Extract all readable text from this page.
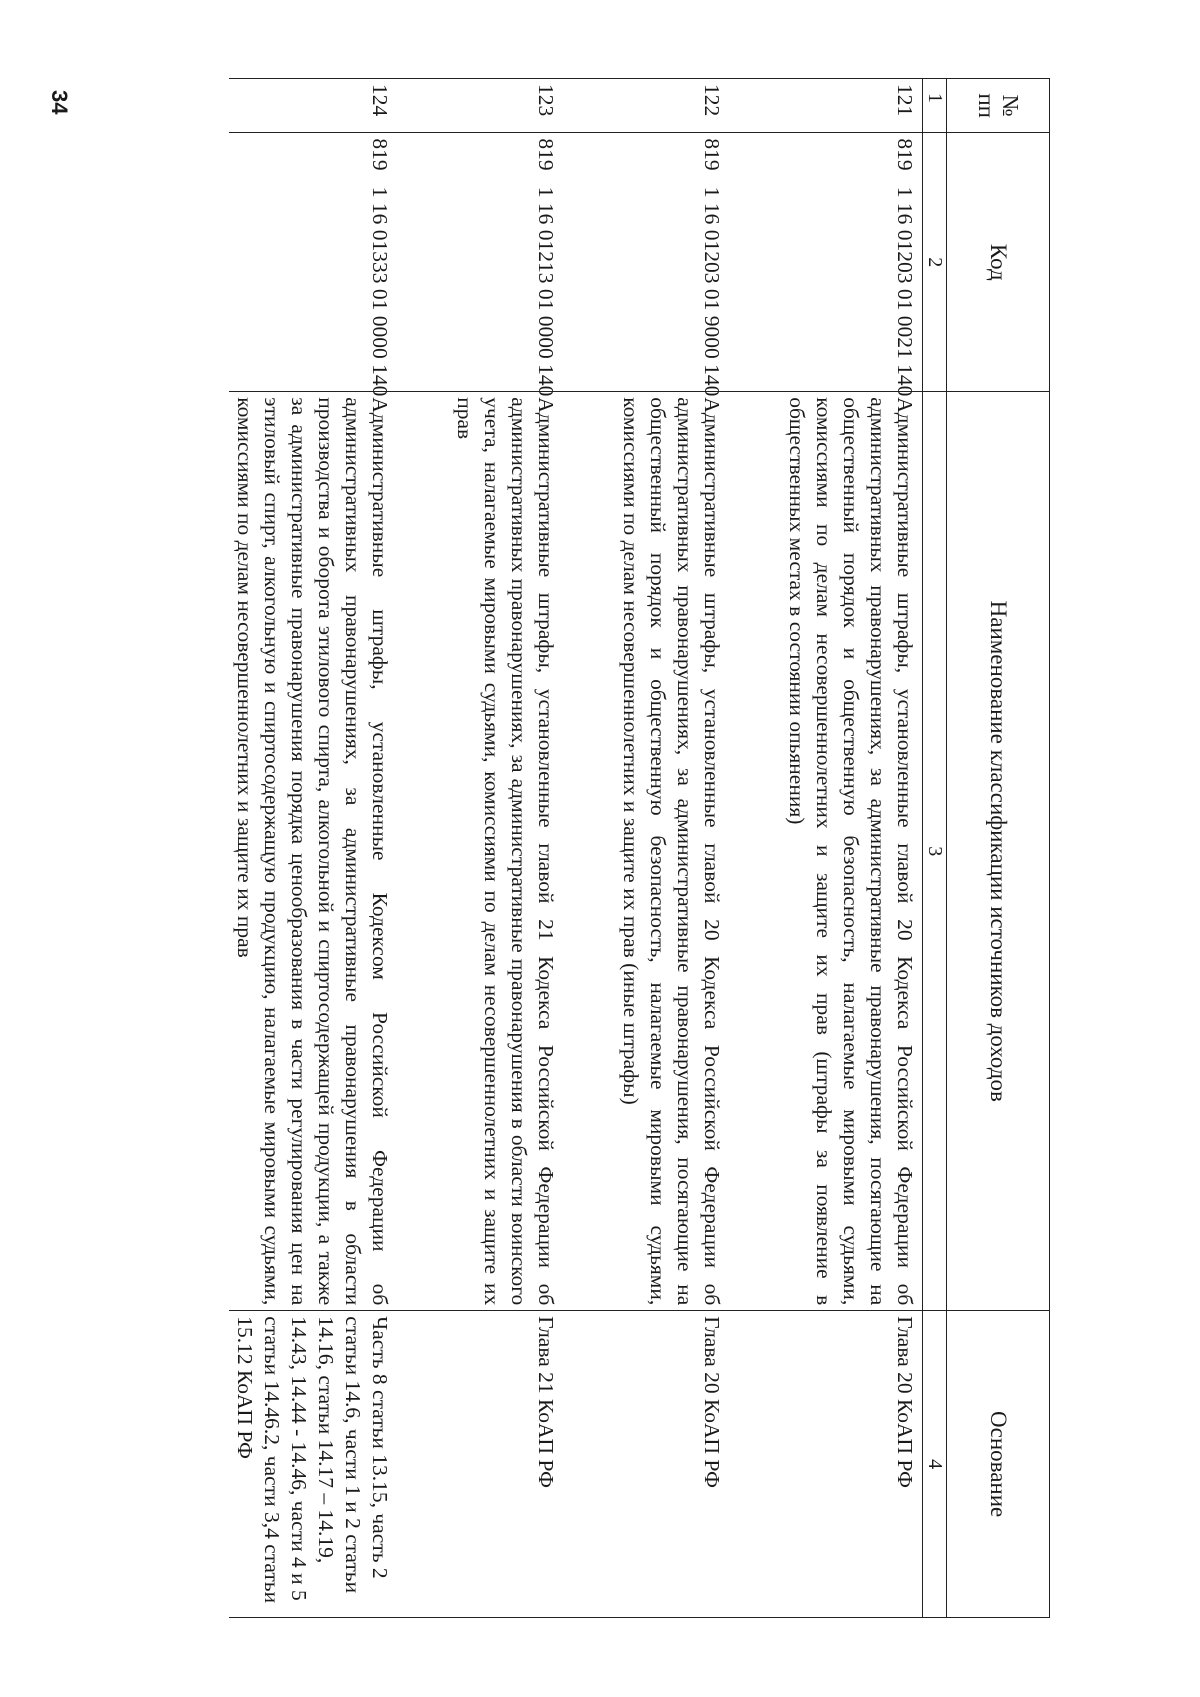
34	№
пп	Код	Наименование классификации источников доходов	Основание
1	2	3	4
121	819   1 16 01203 01 0021 140	Административные штрафы, установленные главой 20 Кодекса Российской Федерации об административных правонарушениях, за административные правонарушения, посягающие на общественный порядок и общественную безопасность, налагаемые мировыми судьями, комиссиями по делам несовершеннолетних и защите их прав (штрафы за появление в общественных местах в состоянии опьянения)	Глава 20 КоАП РФ

122	819   1 16 01203 01 9000 140	Административные штрафы, установленные главой 20 Кодекса Российской Федерации об административных правонарушениях, за административные правонарушения, посягающие на общественный порядок и общественную безопасность, налагаемые мировыми судьями, комиссиями по делам несовершеннолетних и защите их прав (иные штрафы)	Глава 20 КоАП РФ

123	819   1 16 01213 01 0000 140	Административные штрафы, установленные главой 21 Кодекса Российской Федерации об административных правонарушениях, за административные правонарушения в области воинского учета, налагаемые мировыми судьями, комиссиями по делам несовершеннолетних и защите их прав	Глава 21 КоАП РФ

124	819   1 16 01333 01 0000 140	Административные штрафы, установленные Кодексом Российской Федерации об административных правонарушениях, за административные правонарушения в области производства и оборота этилового спирта, алкогольной и спиртосодержащей продукции, а также за административные правонарушения порядка ценообразования в части регулирования цен на этиловый спирт, алкогольную и спиртосодержащую продукцию, налагаемые мировыми судьями, комиссиями по делам несовершеннолетних и защите их прав	Часть 8 статьи 13.15, часть 2 статьи 14.6, части 1 и 2 статьи 14.16, статьи 14.17 – 14.19, 14.43, 14.44 - 14.46, части 4 и 5 статьи 14.46.2, части 3,4 статьи 15.12 КоАП РФ
